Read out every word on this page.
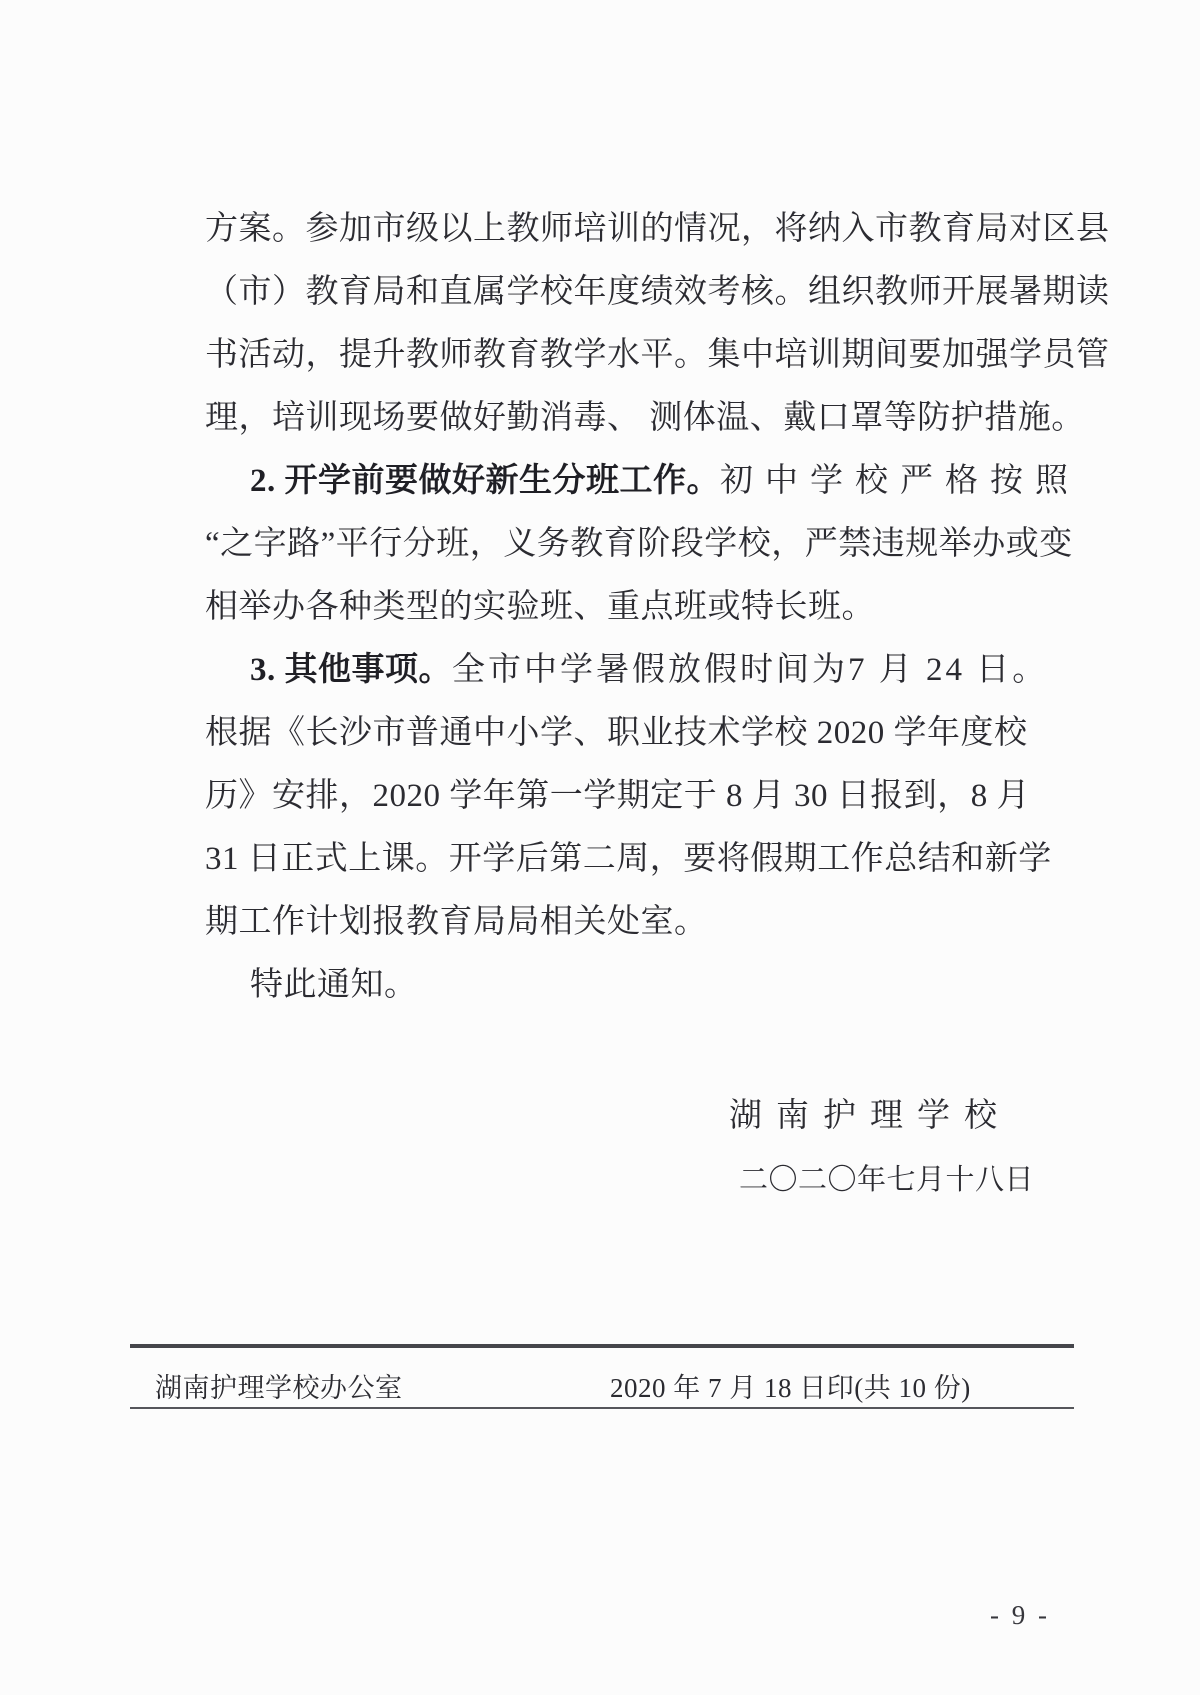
方案。参加市级以上教师培训的情况，将纳入市教育局对区县
（市）教育局和直属学校年度绩效考核。组织教师开展暑期读
书活动，提升教师教育教学水平。集中培训期间要加强学员管
理，培训现场要做好勤消毒、 测体温、戴口罩等防护措施。
2. 开学前要做好新生分班工作。初中学校严格按照
“之字路”平行分班，义务教育阶段学校，严禁违规举办或变
相举办各种类型的实验班、重点班或特长班。
3. 其他事项。全市中学暑假放假时间为7 月 24 日。
根据《长沙市普通中小学、职业技术学校 2020 学年度校
历》安排，2020 学年第一学期定于 8 月 30 日报到，8 月
31 日正式上课。开学后第二周，要将假期工作总结和新学
期工作计划报教育局局相关处室。
特此通知。
湖南护理学校
二〇二〇年七月十八日
湖南护理学校办公室	2020 年 7 月 18 日印(共 10 份)
- 9 -
